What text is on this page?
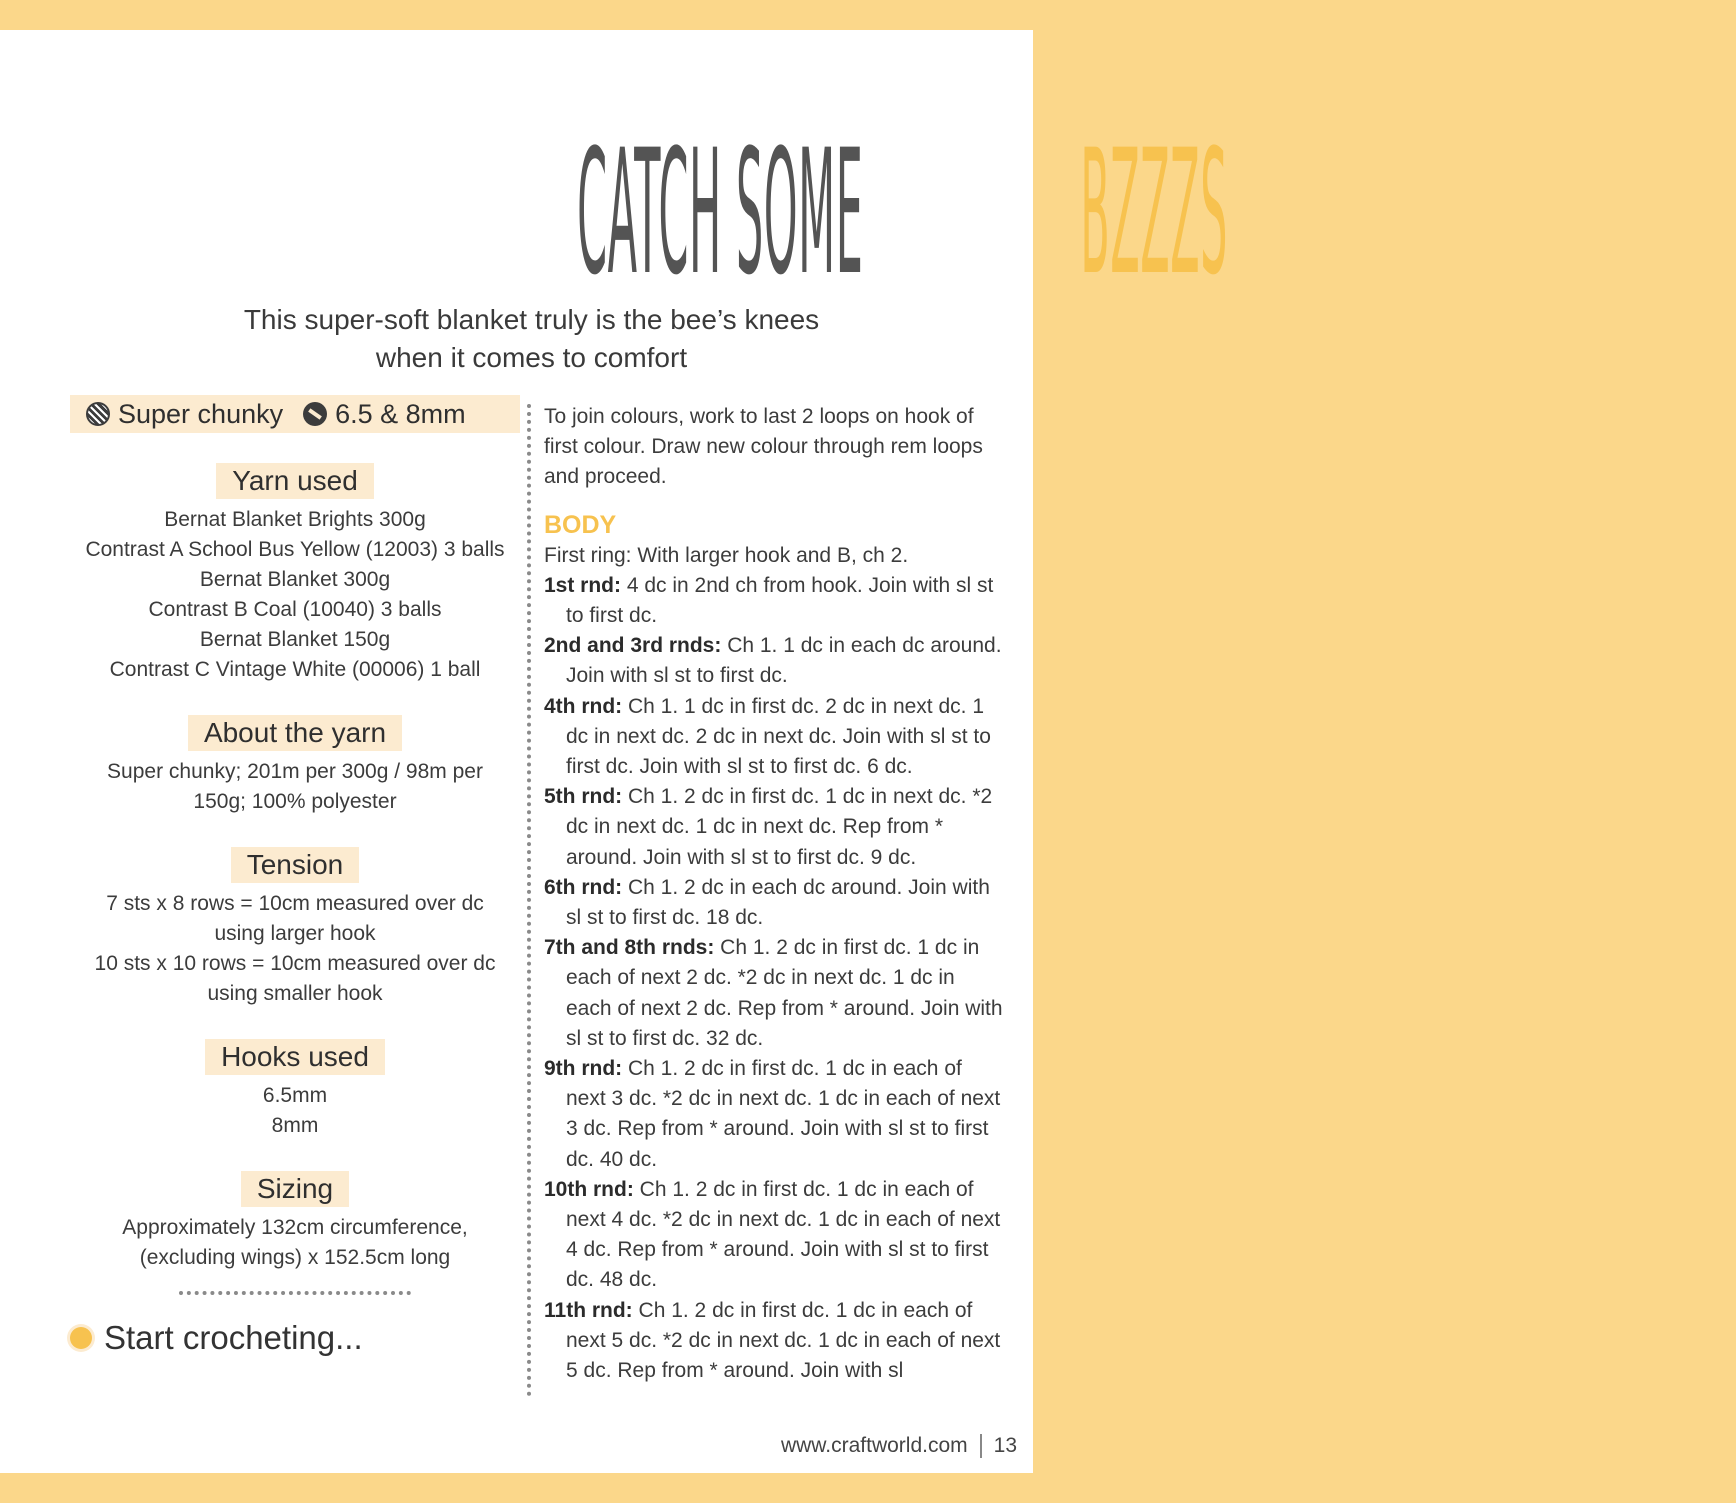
CATCH SOMEBZZZS
This super-soft blanket truly is the bee’s knees
when it comes to comfort
Super chunky 6.5 & 8mm
Yarn used
Bernat Blanket Brights 300g
Contrast A School Bus Yellow (12003) 3 balls
Bernat Blanket 300g
Contrast B Coal (10040) 3 balls
Bernat Blanket 150g
Contrast C Vintage White (00006) 1 ball
About the yarn
Super chunky; 201m per 300g / 98m per
150g; 100% polyester
Tension
7 sts x 8 rows = 10cm measured over dc
using larger hook
10 sts x 10 rows = 10cm measured over dc
using smaller hook
Hooks used
6.5mm
8mm
Sizing
Approximately 132cm circumference,
(excluding wings) x 152.5cm long
Start crocheting...
To join colours, work to last 2 loops on hook of first colour. Draw new colour through rem loops and proceed.
BODY
First ring: With larger hook and B, ch 2.
1st rnd: 4 dc in 2nd ch from hook. Join with sl st to first dc.
2nd and 3rd rnds: Ch 1. 1 dc in each dc around. Join with sl st to first dc.
4th rnd: Ch 1. 1 dc in first dc. 2 dc in next dc. 1 dc in next dc. 2 dc in next dc. Join with sl st to first dc. Join with sl st to first dc. 6 dc.
5th rnd: Ch 1. 2 dc in first dc. 1 dc in next dc. *2 dc in next dc. 1 dc in next dc. Rep from * around. Join with sl st to first dc. 9 dc.
6th rnd: Ch 1. 2 dc in each dc around. Join with sl st to first dc. 18 dc.
7th and 8th rnds: Ch 1. 2 dc in first dc. 1 dc in each of next 2 dc. *2 dc in next dc. 1 dc in each of next 2 dc. Rep from * around. Join with sl st to first dc. 32 dc.
9th rnd: Ch 1. 2 dc in first dc. 1 dc in each of next 3 dc. *2 dc in next dc. 1 dc in each of next 3 dc. Rep from * around. Join with sl st to first dc. 40 dc.
10th rnd: Ch 1. 2 dc in first dc. 1 dc in each of next 4 dc. *2 dc in next dc. 1 dc in each of next 4 dc. Rep from * around. Join with sl st to first dc. 48 dc.
11th rnd: Ch 1. 2 dc in first dc. 1 dc in each of next 5 dc. *2 dc in next dc. 1 dc in each of next 5 dc. Rep from * around. Join with sl
www.craftworld.com 13
